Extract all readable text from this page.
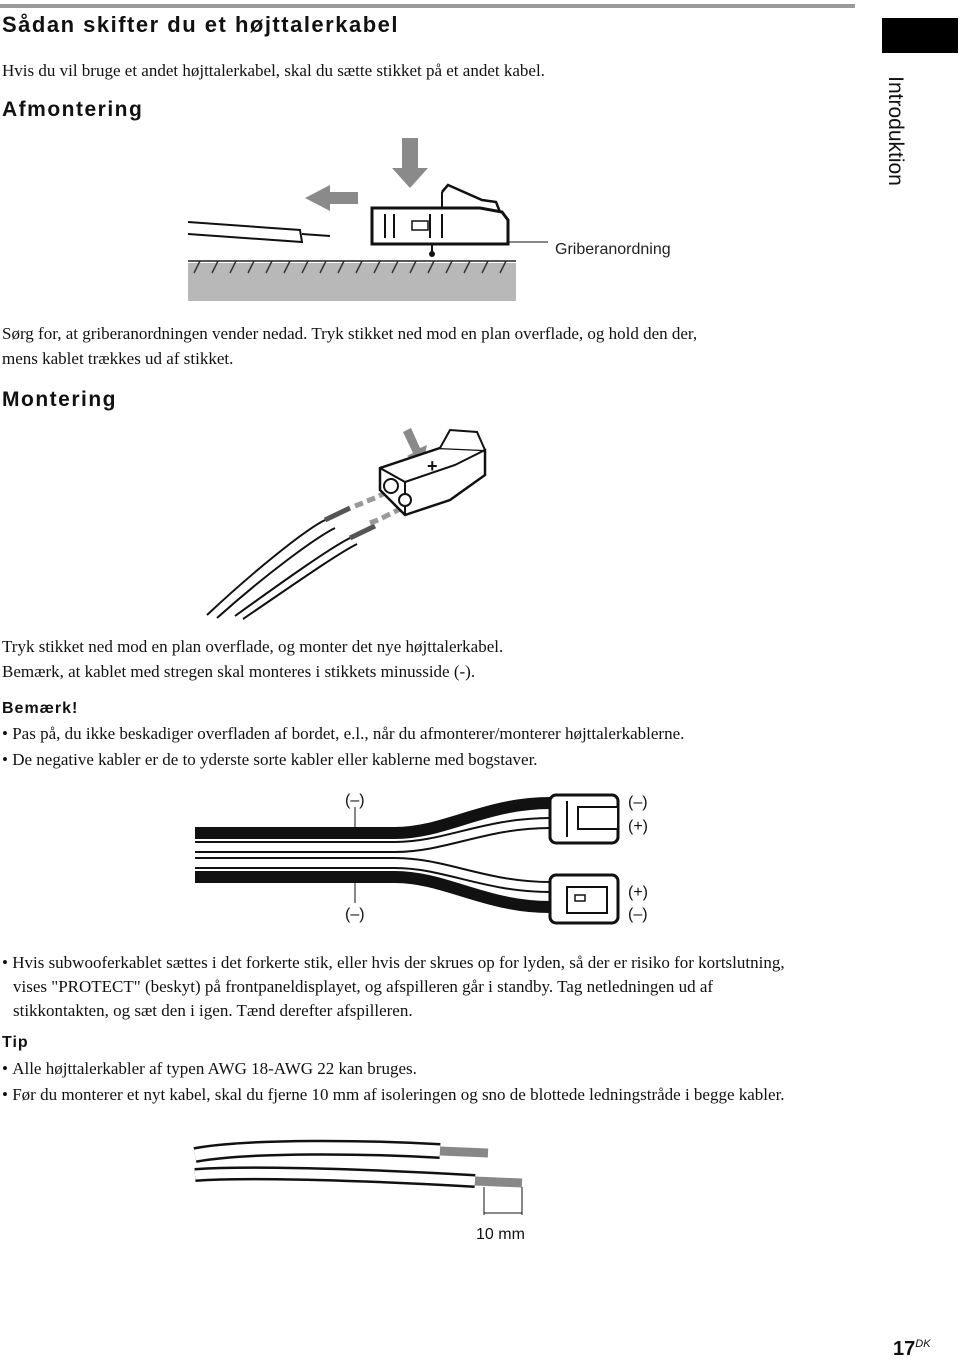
Sådan skifter du et højttalerkabel
Introduktion
Hvis du vil bruge et andet højttalerkabel, skal du sætte stikket på et andet kabel.
Afmontering
Griberanordning
Sørg for, at griberanordningen vender nedad. Tryk stikket ned mod en plan overflade, og hold den der,
mens kablet trækkes ud af stikket.
Montering
+
Tryk stikket ned mod en plan overflade, og monter det nye højttalerkabel.
Bemærk, at kablet med stregen skal monteres i stikkets minusside (-).
Bemærk!
• Pas på, du ikke beskadiger overfladen af bordet, e.l., når du afmonterer/monterer højttalerkablerne.
• De negative kabler er de to yderste sorte kabler eller kablerne med bogstaver.
(–)
(–)
(–)
(+)
(+)
(–)
• Hvis subwooferkablet sættes i det forkerte stik, eller hvis der skrues op for lyden, så der er risiko for kortslutning,
vises "PROTECT" (beskyt) på frontpaneldisplayet, og afspilleren går i standby. Tag netledningen ud af
stikkontakten, og sæt den i igen. Tænd derefter afspilleren.
Tip
• Alle højttalerkabler af typen AWG 18-AWG 22 kan bruges.
• Før du monterer et nyt kabel, skal du fjerne 10 mm af isoleringen og sno de blottede ledningstråde i begge kabler.
10 mm
$17^{DK}$
